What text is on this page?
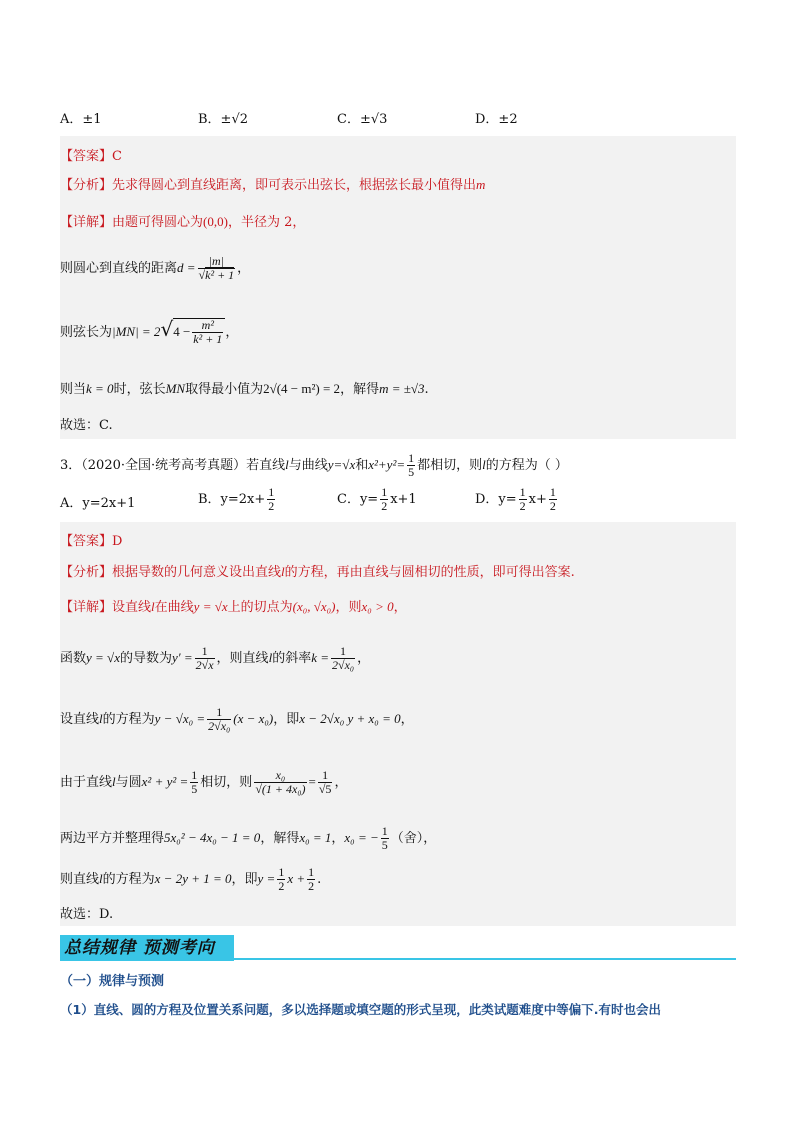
A．±1	B．±√2	C．±√3	D．±2
【答案】C
【分析】先求得圆心到直线距离，即可表示出弦长，根据弦长最小值得出m
【详解】由题可得圆心为(0,0)，半径为 2，
则圆心到直线的距离$d = \frac{|m|}{\text{√k² + 1}}$ ，
则弦长为$|MN| = 2√4 - \frac{\text{m²}}{\text{k² + 1}}$ ，
则当k = 0时，弦长MN取得最小值为2√(4 − m²) = 2，解得m = ±√3.
故选：C.
3．（2020·全国·统考高考真题）若直线l与曲线y=√x和$x^2+y^2= \frac{1}{5}$ 都相切，则l的方程为（ ）
A．y=2x+1	B．$y=2x+ \frac{1}{2}$	C．$y= \frac{1}{2} x+1$	D．$y= \frac{1}{2} x+ \frac{1}{2}$
【答案】D
【分析】根据导数的几何意义设出直线l的方程，再由直线与圆相切的性质，即可得出答案.
【详解】设直线l在曲线y = √x上的切点为(x₀, √x₀)，则x₀ > 0，
函数y = √x的导数为$y' = \frac{1}{2√x}$ ，则直线l的斜率$k = \frac{1}{\text{2√x₀}}$ ，
设直线l的方程为$y - √x_0 = \frac{1}{\text{2√x₀}} (x - x_0)$，即x − 2√x₀ y + x₀ = 0，
由于直线l与圆$x^2 + y^2 = \frac{1}{5}$ 相切，则 $\frac{\text{x₀}}{\text{√(1 + 4x₀)}} = \frac{1}{√5}$ ，
两边平方并整理得5x₀² − 4x₀ − 1 = 0，解得x₀ = 1，x₀ = − $\frac{1}{5}$ （舍），
则直线l的方程为x − 2y + 1 = 0，即$y = \frac{1}{2}$ $x + \frac{1}{2}$ .
故选：D.
总结规律 预测考向
（一）规律与预测
（1）直线、圆的方程及位置关系问题，多以选择题或填空题的形式呈现，此类试题难度中等偏下.有时也会出
